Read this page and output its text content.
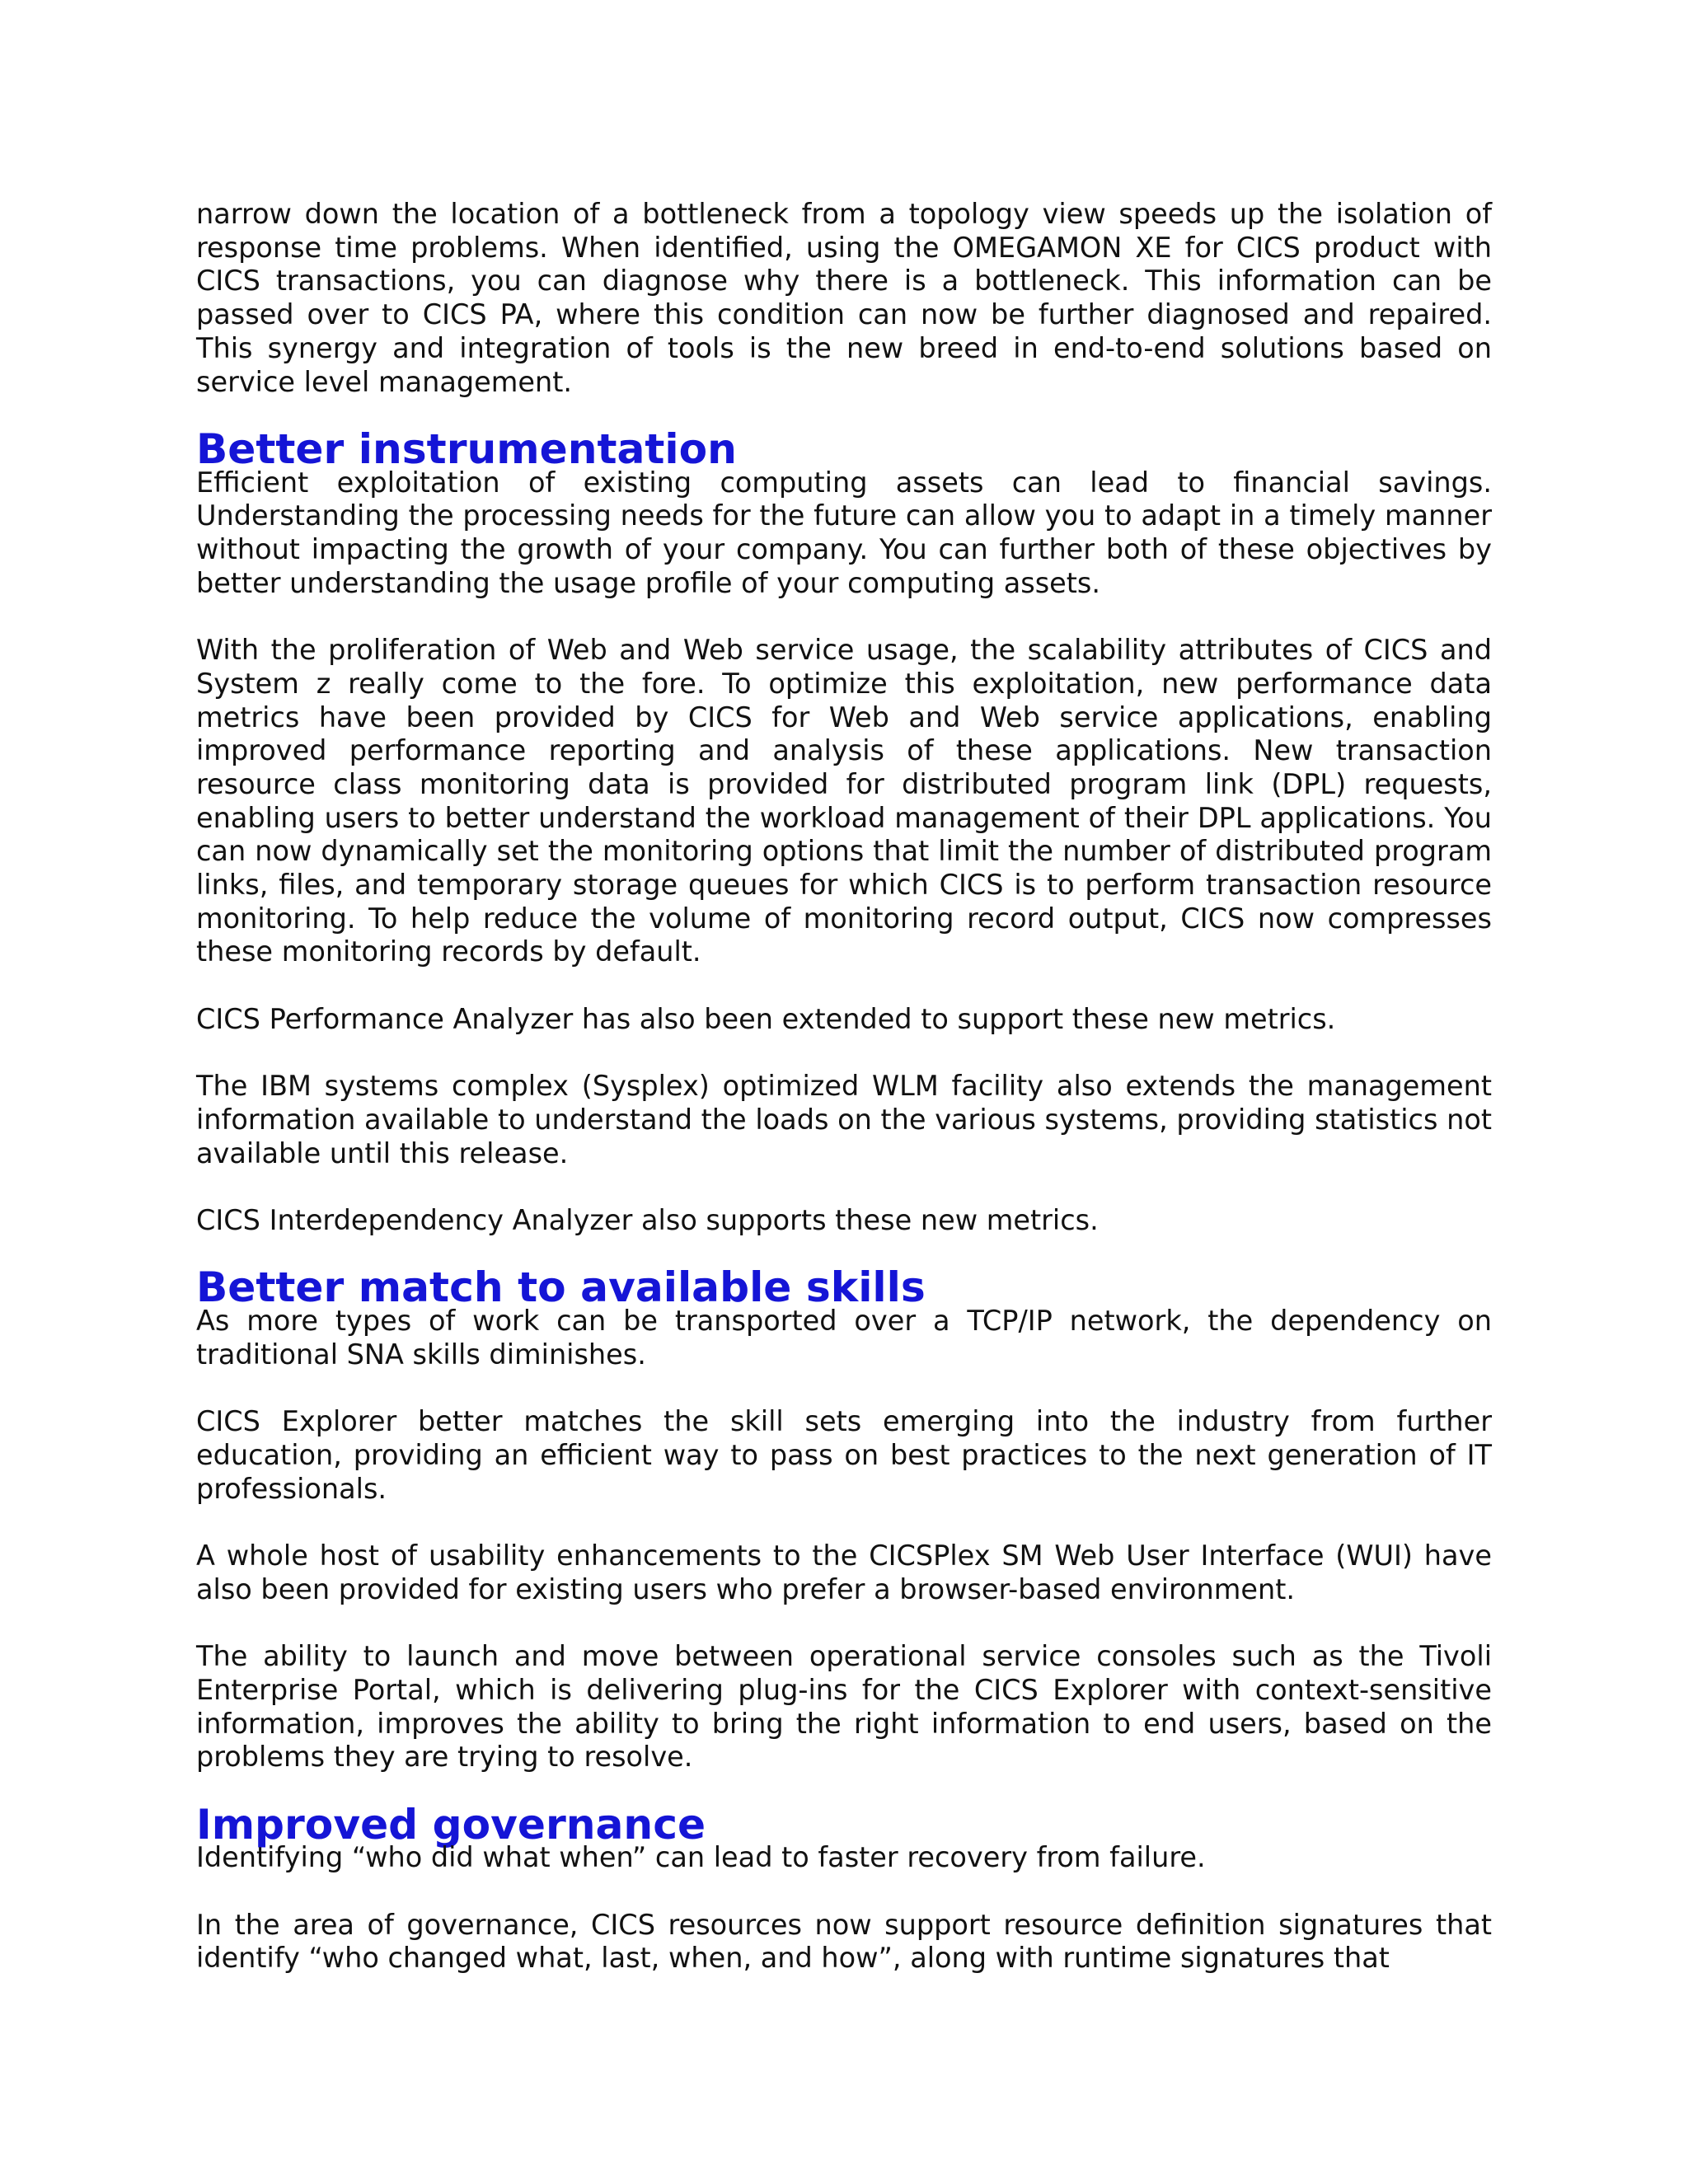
narrow down the location of a bottleneck from a topology view speeds up the isolation of response time problems. When identified, using the OMEGAMON XE for CICS product with CICS transactions, you can diagnose why there is a bottleneck. This information can be passed over to CICS PA, where this condition can now be further diagnosed and repaired. This synergy and integration of tools is the new breed in end-to-end solutions based on service level management.

Better instrumentation

Efficient exploitation of existing computing assets can lead to financial savings. Understanding the processing needs for the future can allow you to adapt in a timely manner without impacting the growth of your company. You can further both of these objectives by better understanding the usage profile of your computing assets.

With the proliferation of Web and Web service usage, the scalability attributes of CICS and System z really come to the fore. To optimize this exploitation, new performance data metrics have been provided by CICS for Web and Web service applications, enabling improved performance reporting and analysis of these applications. New transaction resource class monitoring data is provided for distributed program link (DPL) requests, enabling users to better understand the workload management of their DPL applications. You can now dynamically set the monitoring options that limit the number of distributed program links, files, and temporary storage queues for which CICS is to perform transaction resource monitoring. To help reduce the volume of monitoring record output, CICS now compresses these monitoring records by default.

CICS Performance Analyzer has also been extended to support these new metrics.

The IBM systems complex (Sysplex) optimized WLM facility also extends the management information available to understand the loads on the various systems, providing statistics not available until this release.

CICS Interdependency Analyzer also supports these new metrics.

Better match to available skills

As more types of work can be transported over a TCP/IP network, the dependency on traditional SNA skills diminishes.

CICS Explorer better matches the skill sets emerging into the industry from further education, providing an efficient way to pass on best practices to the next generation of IT professionals.

A whole host of usability enhancements to the CICSPlex SM Web User Interface (WUI) have also been provided for existing users who prefer a browser-based environment.

The ability to launch and move between operational service consoles such as the Tivoli Enterprise Portal, which is delivering plug-ins for the CICS Explorer with context-sensitive information, improves the ability to bring the right information to end users, based on the problems they are trying to resolve.

Improved governance

Identifying “who did what when” can lead to faster recovery from failure.

In the area of governance, CICS resources now support resource definition signatures that identify “who changed what, last, when, and how”, along with runtime signatures that
